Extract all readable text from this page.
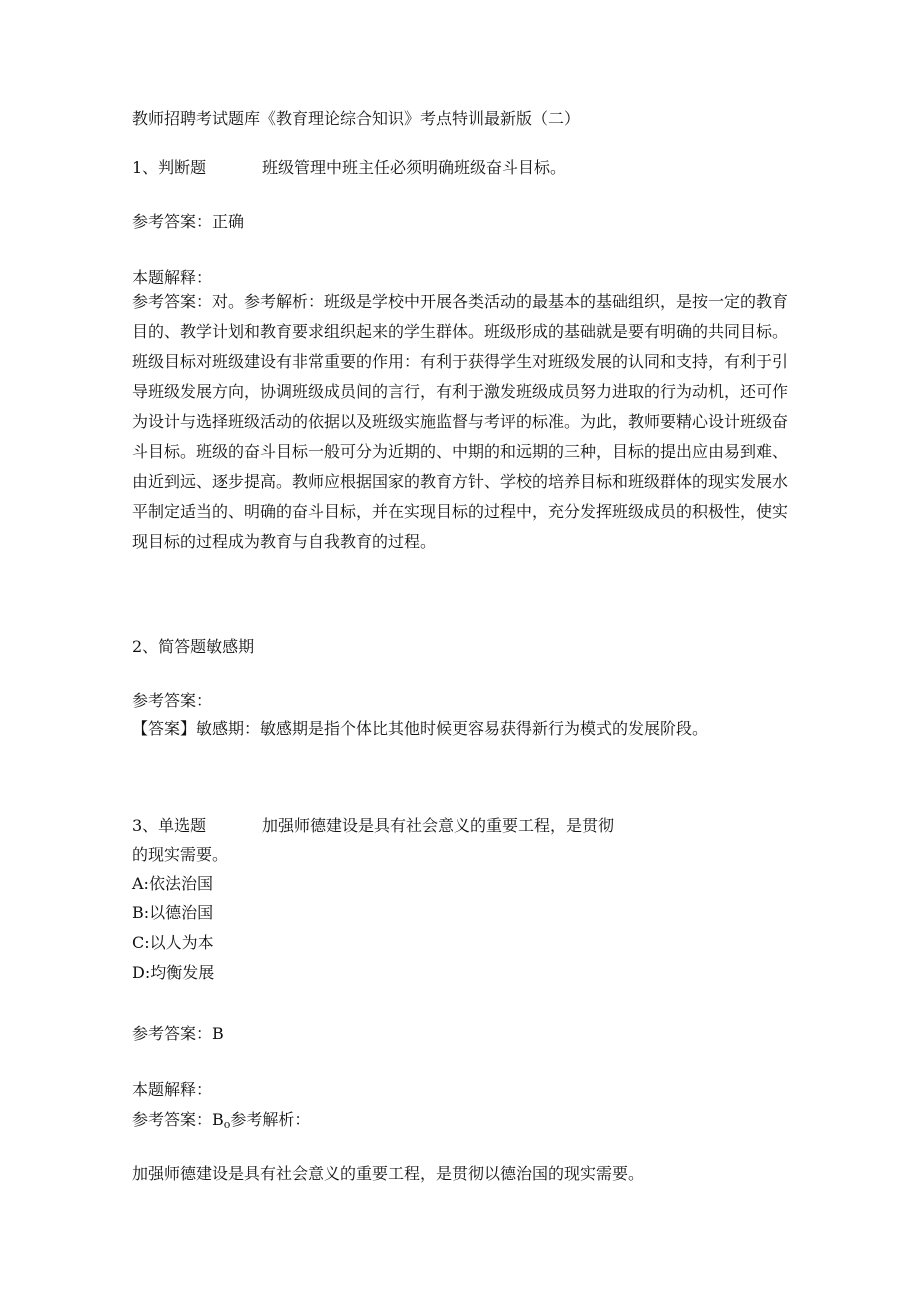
教师招聘考试题库《教育理论综合知识》考点特训最新版（二）
1、判断题	班级管理中班主任必须明确班级奋斗目标。
参考答案：正确
本题解释：
参考答案：对。参考解析：班级是学校中开展各类活动的最基本的基础组织，是按一定的教育目的、教学计划和教育要求组织起来的学生群体。班级形成的基础就是要有明确的共同目标。班级目标对班级建设有非常重要的作用：有利于获得学生对班级发展的认同和支持，有利于引导班级发展方向，协调班级成员间的言行，有利于激发班级成员努力进取的行为动机，还可作为设计与选择班级活动的依据以及班级实施监督与考评的标准。为此，教师要精心设计班级奋斗目标。班级的奋斗目标一般可分为近期的、中期的和远期的三种，目标的提出应由易到难、由近到远、逐步提高。教师应根据国家的教育方针、学校的培养目标和班级群体的现实发展水平制定适当的、明确的奋斗目标，并在实现目标的过程中，充分发挥班级成员的积极性，使实现目标的过程成为教育与自我教育的过程。
2、简答题敏感期
参考答案：
【答案】敏感期：敏感期是指个体比其他时候更容易获得新行为模式的发展阶段。
3、单选题	加强师德建设是具有社会意义的重要工程，是贯彻
的现实需要。
A:依法治国
B:以德治国
C:以人为本
D:均衡发展
参考答案：B
本题解释：
参考答案：$B_o$参考解析：
加强师德建设是具有社会意义的重要工程，是贯彻以德治国的现实需要。
